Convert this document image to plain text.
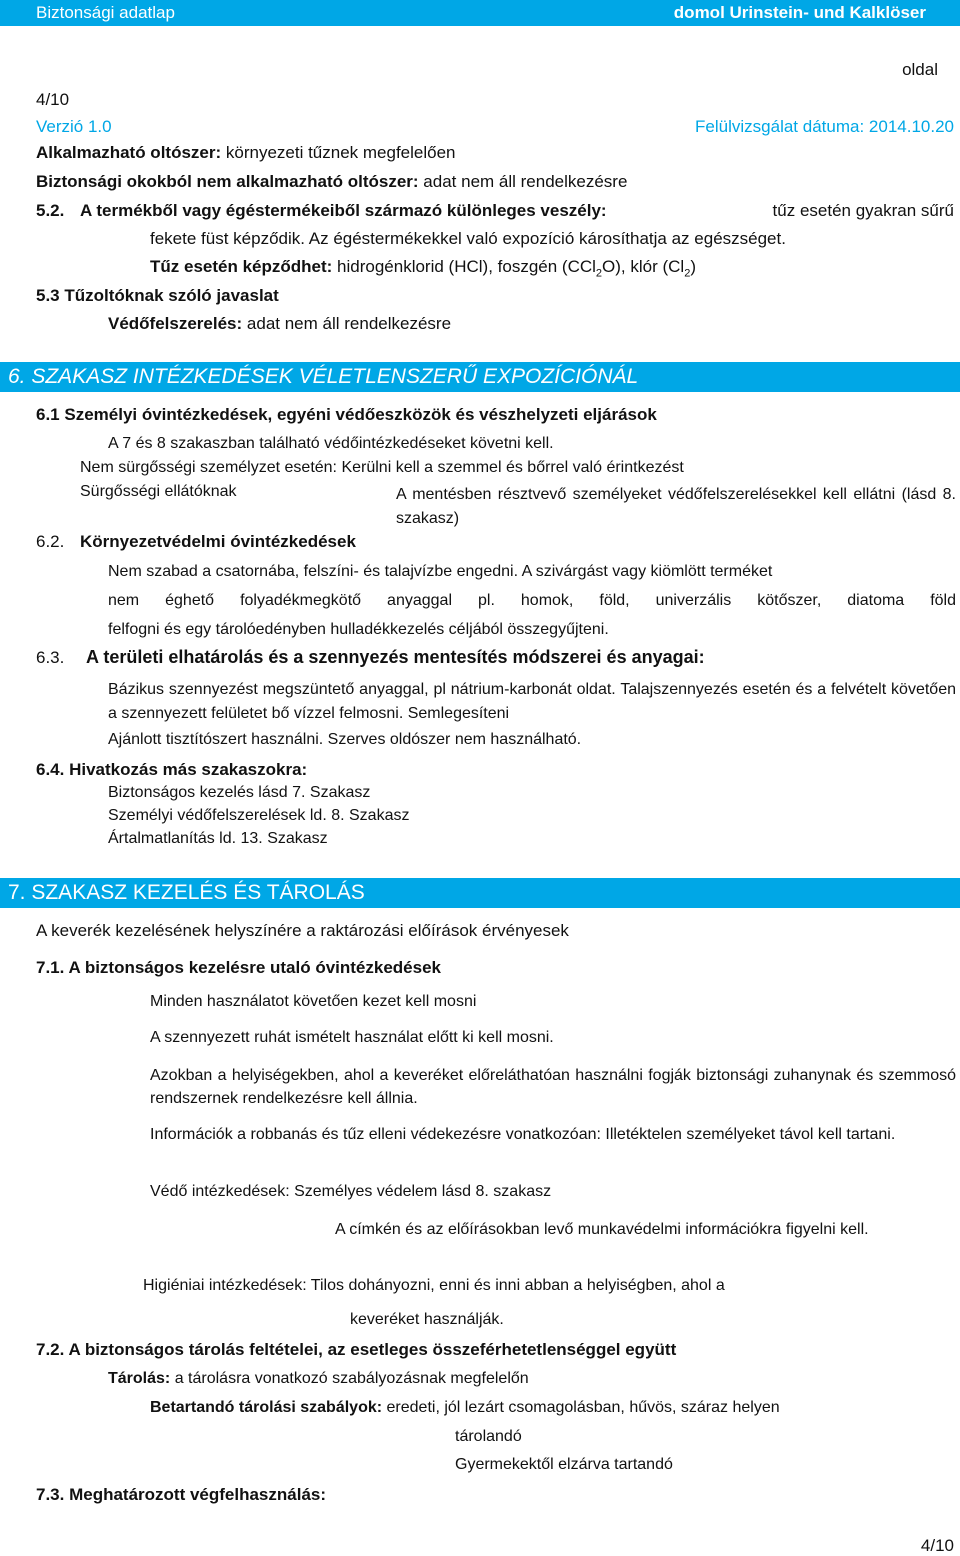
Biztonsági adatlap	domol Urinstein- und Kalklöser
oldal
4/10
Verzió 1.0	Felülvizsgálat dátuma: 2014.10.20
Alkalmazható oltószer: környezeti tűznek megfelelően
Biztonsági okokból nem alkalmazható oltószer: adat nem áll rendelkezésre
5.2. A termékből vagy égéstermékeiből származó különleges veszély:	tűz esetén gyakran sűrű
fekete füst képződik. Az égéstermékekkel való expozíció károsíthatja az egészséget.
Tűz esetén képződhet: hidrogénklorid (HCl), foszgén (CCl$_2$O), klór $(Cl_2)$
5.3 Tűzoltóknak szóló javaslat
Védőfelszerelés: adat nem áll rendelkezésre
6. SZAKASZ INTÉZKEDÉSEK VÉLETLENSZERŰ EXPOZÍCIÓNÁL
6.1 Személyi óvintézkedések, egyéni védőeszközök és vészhelyzeti eljárások
A 7 és 8 szakaszban található védőintézkedéseket követni kell.
Nem sürgősségi személyzet esetén: Kerülni kell a szemmel és bőrrel való érintkezést
Sürgősségi ellátóknak	A mentésben résztvevő személyeket védőfelszerelésekkel kell ellátni (lásd 8. szakasz)
6.2. Környezetvédelmi óvintézkedések
Nem szabad a csatornába, felszíni- és talajvízbe engedni. A szivárgást vagy kiömlött terméket
nem éghető folyadékmegkötő anyaggal pl. homok, föld, univerzális kötőszer, diatoma föld
felfogni és egy tárolóedényben hulladékkezelés céljából összegyűjteni.
6.3. A területi elhatárolás és a szennyezés mentesítés módszerei és anyagai:
Bázikus szennyezést megszüntető anyaggal, pl nátrium-karbonát oldat. Talajszennyezés esetén és a felvételt követően a szennyezett felületet bő vízzel felmosni. Semlegesíteni
Ajánlott tisztítószert használni. Szerves oldószer nem használható.
6.4. Hivatkozás más szakaszokra:
Biztonságos kezelés lásd 7. Szakasz
Személyi védőfelszerelések ld. 8. Szakasz
Ártalmatlanítás ld. 13. Szakasz
7. SZAKASZ KEZELÉS ÉS TÁROLÁS
A keverék kezelésének helyszínére a raktározási előírások érvényesek
7.1. A biztonságos kezelésre utaló óvintézkedések
Minden használatot követően kezet kell mosni
A szennyezett ruhát ismételt használat előtt ki kell mosni.
Azokban a helyiségekben, ahol a keveréket előreláthatóan használni fogják biztonsági zuhanynak és szemmosó rendszernek rendelkezésre kell állnia.
Információk a robbanás és tűz elleni védekezésre vonatkozóan: Illetéktelen személyeket távol kell tartani.
Védő intézkedések: Személyes védelem lásd 8. szakasz
A címkén és az előírásokban levő munkavédelmi információkra figyelni kell.
Higiéniai intézkedések: Tilos dohányozni, enni és inni abban a helyiségben, ahol a
keveréket használják.
7.2. A biztonságos tárolás feltételei, az esetleges összeférhetetlenséggel együtt
Tárolás: a tárolásra vonatkozó szabályozásnak megfelelőn
Betartandó tárolási szabályok: eredeti, jól lezárt csomagolásban, hűvös, száraz helyen
tárolandó
Gyermekektől elzárva tartandó
7.3. Meghatározott végfelhasználás:
4/10
